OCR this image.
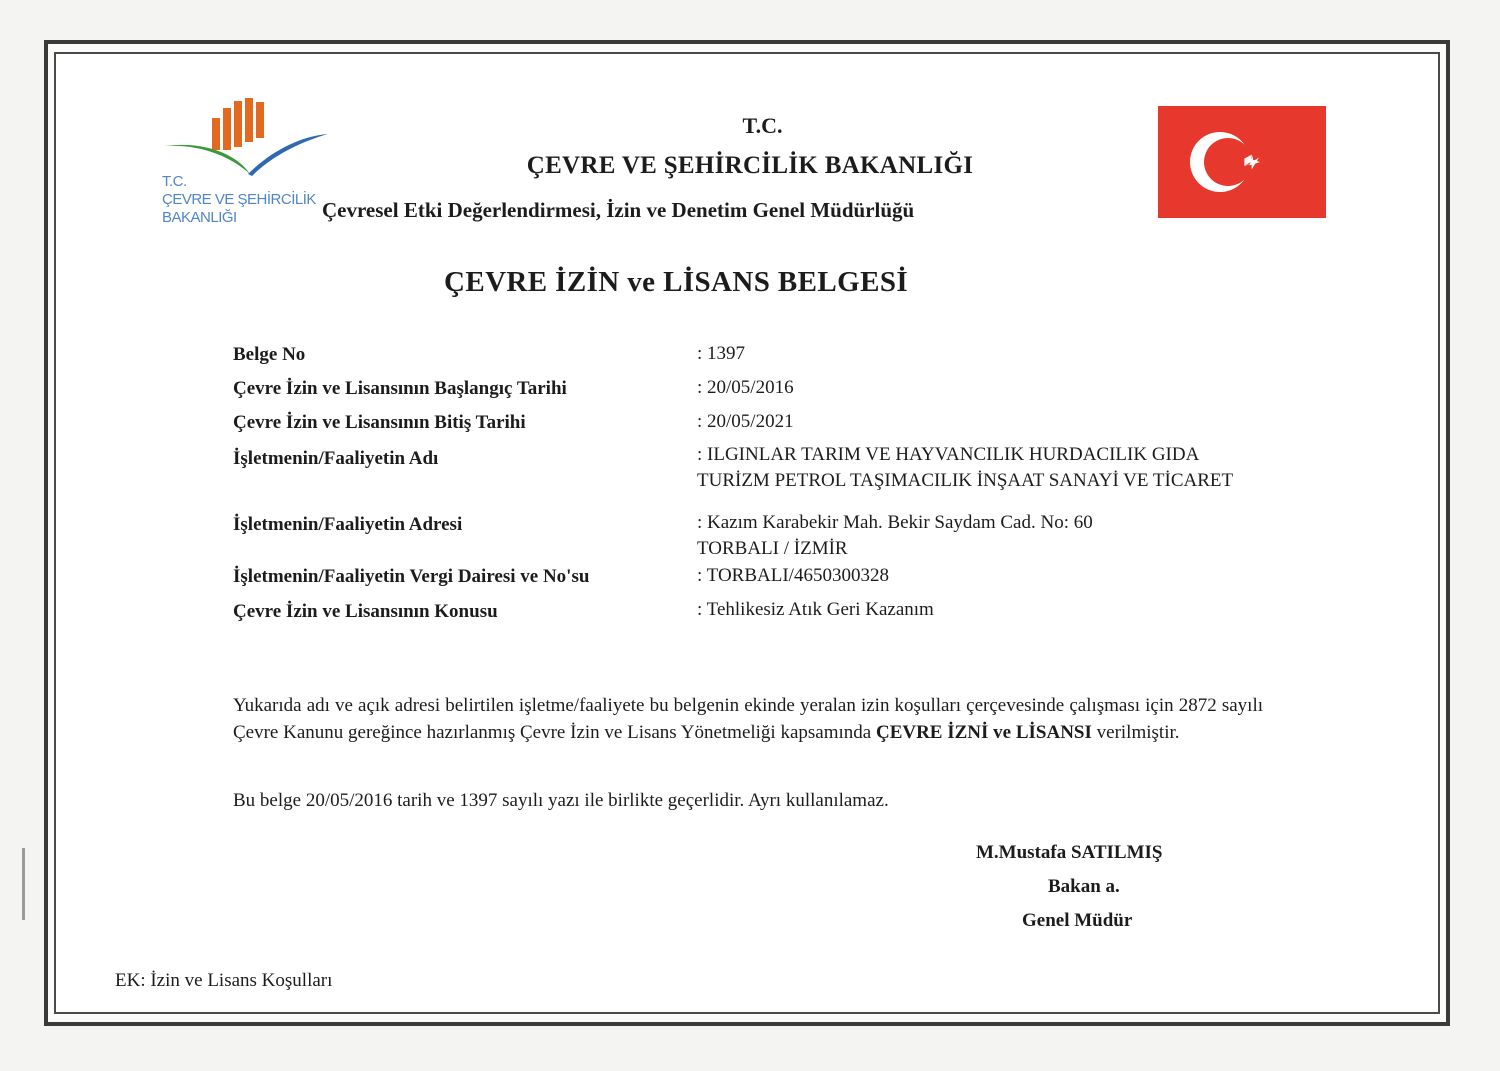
T.C.
ÇEVRE VE ŞEHİRCİLİK
BAKANLIĞI
T.C.
ÇEVRE VE ŞEHİRCİLİK BAKANLIĞI
Çevresel Etki Değerlendirmesi, İzin ve Denetim Genel Müdürlüğü
ÇEVRE İZİN ve LİSANS BELGESİ
Belge No	: 1397
Çevre İzin ve Lisansının Başlangıç Tarihi	: 20/05/2016
Çevre İzin ve Lisansının Bitiş Tarihi	: 20/05/2021
İşletmenin/Faaliyetin Adı	: ILGINLAR TARIM VE HAYVANCILIK HURDACILIK GIDA
TURİZM PETROL TAŞIMACILIK İNŞAAT SANAYİ VE TİCARET
İşletmenin/Faaliyetin Adresi	: Kazım Karabekir Mah. Bekir Saydam Cad. No: 60
TORBALI / İZMİR
İşletmenin/Faaliyetin Vergi Dairesi ve No'su	: TORBALI/4650300328
Çevre İzin ve Lisansının Konusu	: Tehlikesiz Atık Geri Kazanım
Yukarıda adı ve açık adresi belirtilen işletme/faaliyete bu belgenin ekinde yeralan izin koşulları çerçevesinde çalışması için 2872 sayılı Çevre Kanunu gereğince hazırlanmış Çevre İzin ve Lisans Yönetmeliği kapsamında ÇEVRE İZNİ ve LİSANSI verilmiştir.
Bu belge 20/05/2016 tarih ve 1397 sayılı yazı ile birlikte geçerlidir. Ayrı kullanılamaz.
M.Mustafa SATILMIŞ
Bakan a.
Genel Müdür
EK: İzin ve Lisans Koşulları
